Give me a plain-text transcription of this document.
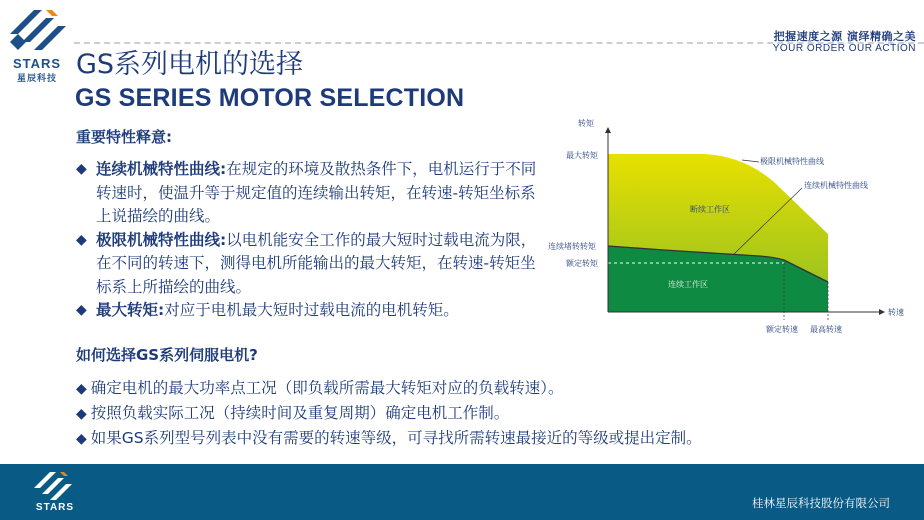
STARS
星辰科技
把握速度之源 演绎精确之美
YOUR ORDER OUR ACTION
GS系列电机的选择
GS SERIES MOTOR SELECTION
重要特性释意:
◆ 连续机械特性曲线:在规定的环境及散热条件下，电机运行于不同转速时，使温升等于规定值的连续输出转矩，在转速-转矩坐标系上说描绘的曲线。
◆ 极限机械特性曲线:以电机能安全工作的最大短时过载电流为限，在不同的转速下，测得电机所能输出的最大转矩，在转速-转矩坐标系上所描绘的曲线。
◆ 最大转矩:对应于电机最大短时过载电流的电机转矩。
转矩
转速
最大转矩
连续堵转转矩
额定转矩
额定转速 最高转速
极限机械特性曲线
连续机械特性曲线
断续工作区
连续工作区
如何选择GS系列伺服电机?
◆ 确定电机的最大功率点工况（即负载所需最大转矩对应的负载转速）。
◆ 按照负载实际工况（持续时间及重复周期）确定电机工作制。
◆ 如果GS系列型号列表中没有需要的转速等级，可寻找所需转速最接近的等级或提出定制。
STARS	桂林星辰科技股份有限公司
